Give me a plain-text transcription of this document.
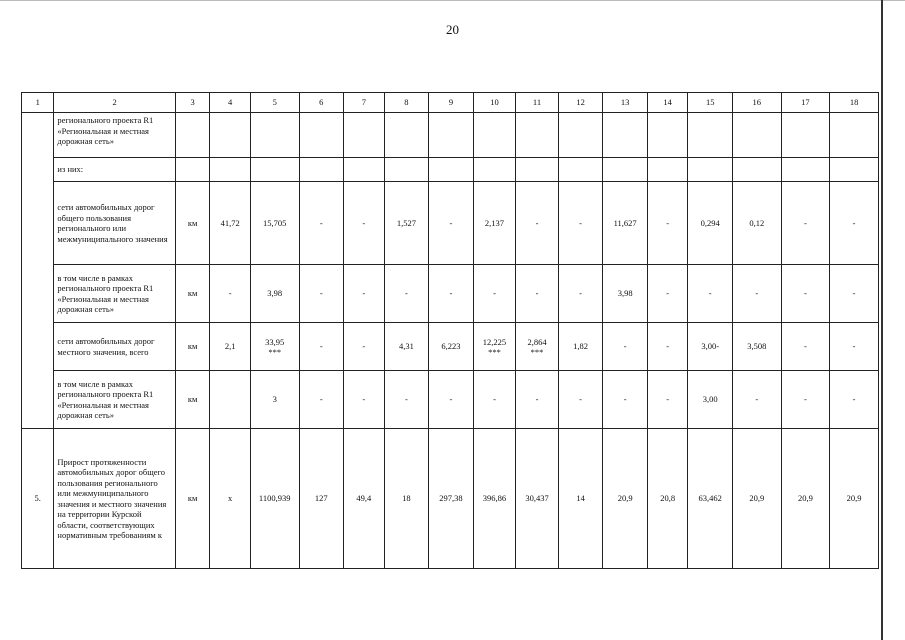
20
1	2	3	4	5	6	7	8	9	10	11	12	13	14	15	16	17	18
	регионального проекта R1 «Региональная и местная дорожная сеть»																
	из них:																
	сети автомобильных дорог общего пользования регионального или межмуниципального значения	км	41,72	15,705	-	-	1,527	-	2,137	-	-	11,627	-	0,294	0,12	-	-
	в том числе в рамках регионального проекта R1 «Региональная и местная дорожная сеть»	км	-	3,98	-	-	-	-	-	-	-	3,98	-	-	-	-	-
	сети автомобильных дорог местного значения, всего	км	2,1	33,95
***	-	-	4,31	6,223	12,225
***	2,864
***	1,82	-	-	3,00-	3,508	-	-
	в том числе в рамках регионального проекта R1 «Региональная и местная дорожная сеть»	км		3	-	-	-	-	-	-	-	-	-	3,00	-	-	-
5.	Прирост протяженности автомобильных дорог общего пользования регионального или межмуниципального значения и местного значения на территории Курской области, соответствующих нормативным требованиям к	км	х	1100,939	127	49,4	18	297,38	396,86	30,437	14	20,9	20,8	63,462	20,9	20,9	20,9
